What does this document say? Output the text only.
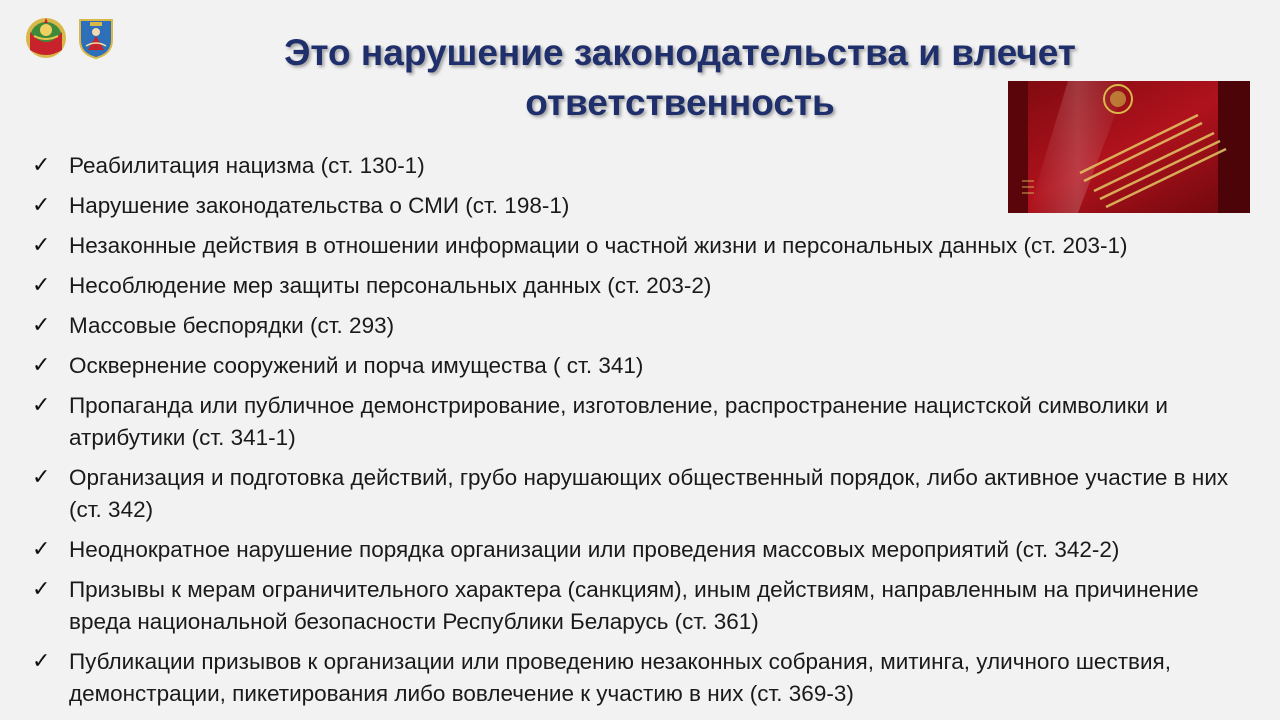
Это нарушение законодательства и влечет
ответственность
✓ Реабилитация нацизма (ст. 130-1)
✓ Нарушение законодательства о СМИ (ст. 198-1)
✓ Незаконные действия в отношении информации о частной жизни и персональных данных (ст. 203-1)
✓ Несоблюдение мер защиты персональных данных (ст. 203-2)
✓ Массовые беспорядки (ст. 293)
✓ Осквернение сооружений и порча имущества ( ст. 341)
✓ Пропаганда или публичное демонстрирование, изготовление, распространение нацистской символики и атрибутики (ст. 341-1)
✓ Организация и подготовка действий, грубо нарушающих общественный порядок, либо активное участие в них (ст. 342)
✓ Неоднократное нарушение порядка организации или проведения массовых мероприятий (ст. 342-2)
✓ Призывы к мерам ограничительного характера (санкциям), иным действиям, направленным на причинение вреда национальной безопасности Республики Беларусь (ст. 361)
✓ Публикации призывов к организации или проведению незаконных собрания, митинга, уличного шествия, демонстрации, пикетирования либо вовлечение к участию в них (ст. 369-3)
